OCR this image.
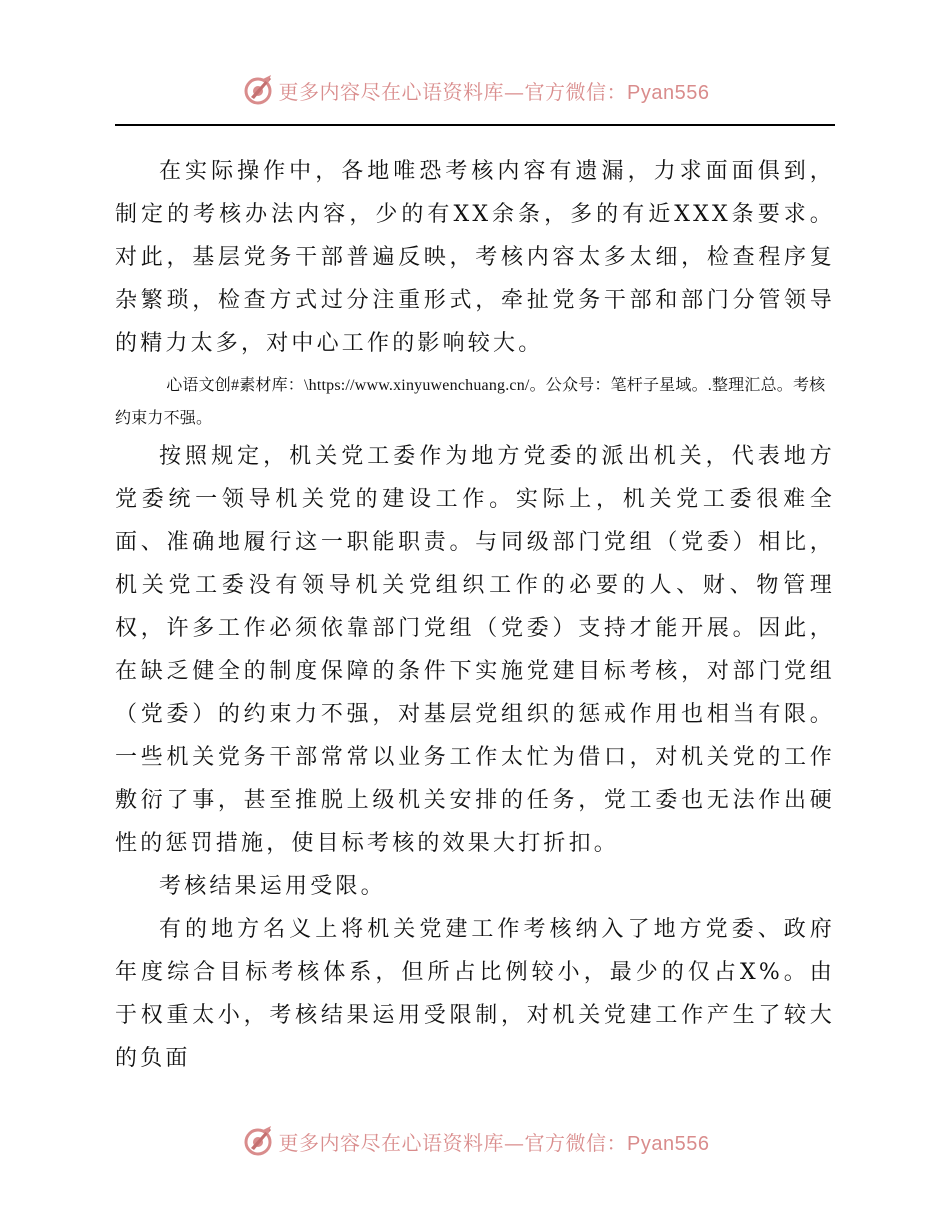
更多内容尽在心语资料库—官方微信：Pyan556

在实际操作中，各地唯恐考核内容有遗漏，力求面面俱到，制定的考核办法内容，少的有XX余条，多的有近XXX条要求。对此，基层党务干部普遍反映，考核内容太多太细，检查程序复杂繁琐，检查方式过分注重形式，牵扯党务干部和部门分管领导的精力太多，对中心工作的影响较大。

心语文创#素材库：\https://www.xinyuwenchuang.cn/。公众号：笔杆子星域。.整理汇总。考核约束力不强。

按照规定，机关党工委作为地方党委的派出机关，代表地方党委统一领导机关党的建设工作。实际上，机关党工委很难全面、准确地履行这一职能职责。与同级部门党组（党委）相比，机关党工委没有领导机关党组织工作的必要的人、财、物管理权，许多工作必须依靠部门党组（党委）支持才能开展。因此，在缺乏健全的制度保障的条件下实施党建目标考核，对部门党组（党委）的约束力不强，对基层党组织的惩戒作用也相当有限。一些机关党务干部常常以业务工作太忙为借口，对机关党的工作敷衍了事，甚至推脱上级机关安排的任务，党工委也无法作出硬性的惩罚措施，使目标考核的效果大打折扣。

考核结果运用受限。

有的地方名义上将机关党建工作考核纳入了地方党委、政府年度综合目标考核体系，但所占比例较小，最少的仅占X%。由于权重太小，考核结果运用受限制，对机关党建工作产生了较大的负面

更多内容尽在心语资料库—官方微信：Pyan556
